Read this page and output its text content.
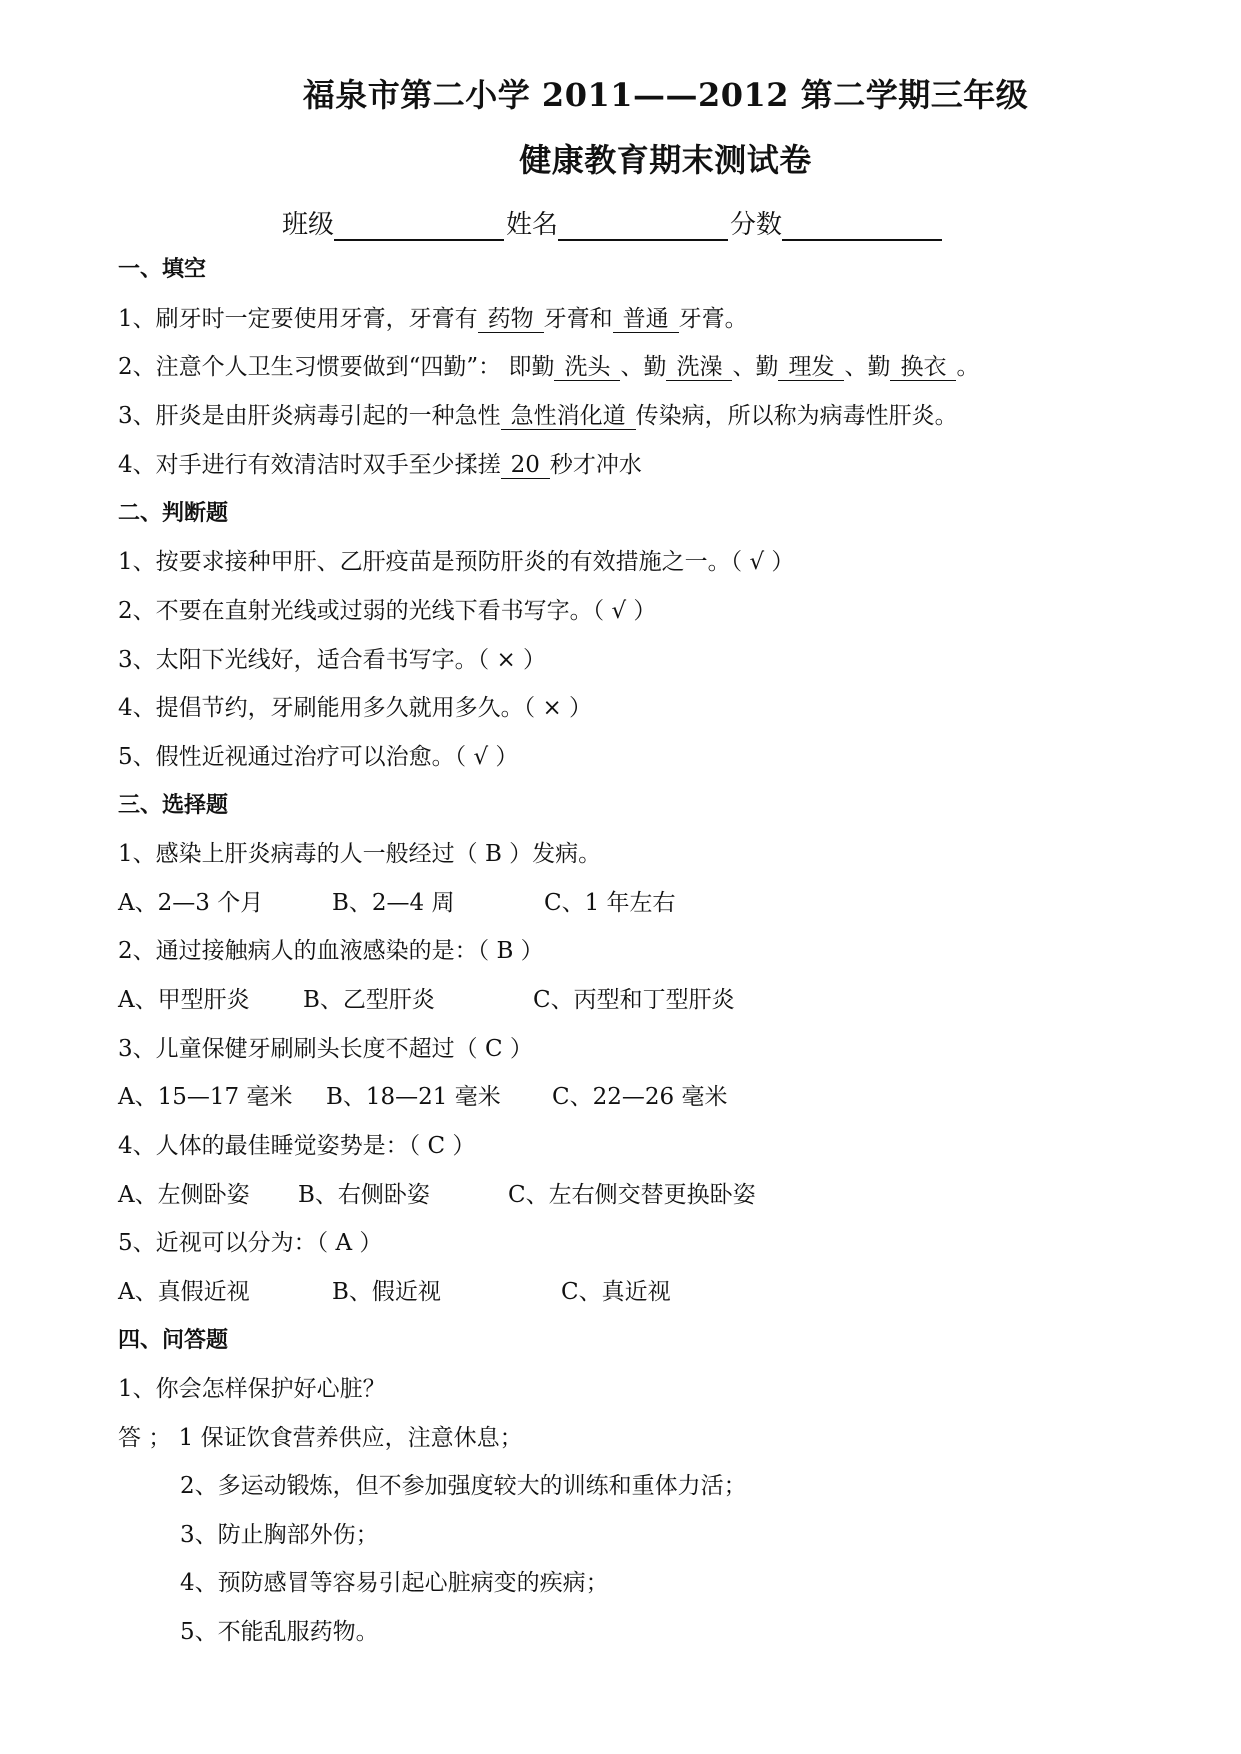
福泉市第二小学 2011——2012 第二学期三年级
健康教育期末测试卷
班级	姓名	分数
一、填空
1、刷牙时一定要使用牙膏，牙膏有 药物 牙膏和 普通 牙膏。
2、注意个人卫生习惯要做到“四勤”： 即勤 洗头 、勤 洗澡 、勤 理发 、勤 换衣 。
3、肝炎是由肝炎病毒引起的一种急性 急性消化道 传染病，所以称为病毒性肝炎。
4、对手进行有效清洁时双手至少揉搓 20 秒才冲水
二、判断题
1、按要求接种甲肝、乙肝疫苗是预防肝炎的有效措施之一。（ √ ）
2、不要在直射光线或过弱的光线下看书写字。（ √ ）
3、太阳下光线好，适合看书写字。（ × ）
4、提倡节约，牙刷能用多久就用多久。（ × ）
5、假性近视通过治疗可以治愈。（ √ ）
三、选择题
1、感染上肝炎病毒的人一般经过（ B ）发病。
A、2—3 个月	B、2—4 周	C、1 年左右
2、通过接触病人的血液感染的是：（ B ）
A、甲型肝炎 B、乙型肝炎	C、丙型和丁型肝炎
3、儿童保健牙刷刷头长度不超过（ C ）
A、15—17 毫米 B、18—21 毫米 C、22—26 毫米
4、人体的最佳睡觉姿势是：（ C ）
A、左侧卧姿 B、右侧卧姿	C、左右侧交替更换卧姿
5、近视可以分为：（ A ）
A、真假近视	B、假近视	C、真近视
四、问答题
1、你会怎样保护好心脏？
答 ； 1 保证饮食营养供应，注意休息；
2、多运动锻炼，但不参加强度较大的训练和重体力活；
3、防止胸部外伤；
4、预防感冒等容易引起心脏病变的疾病；
5、不能乱服药物。
